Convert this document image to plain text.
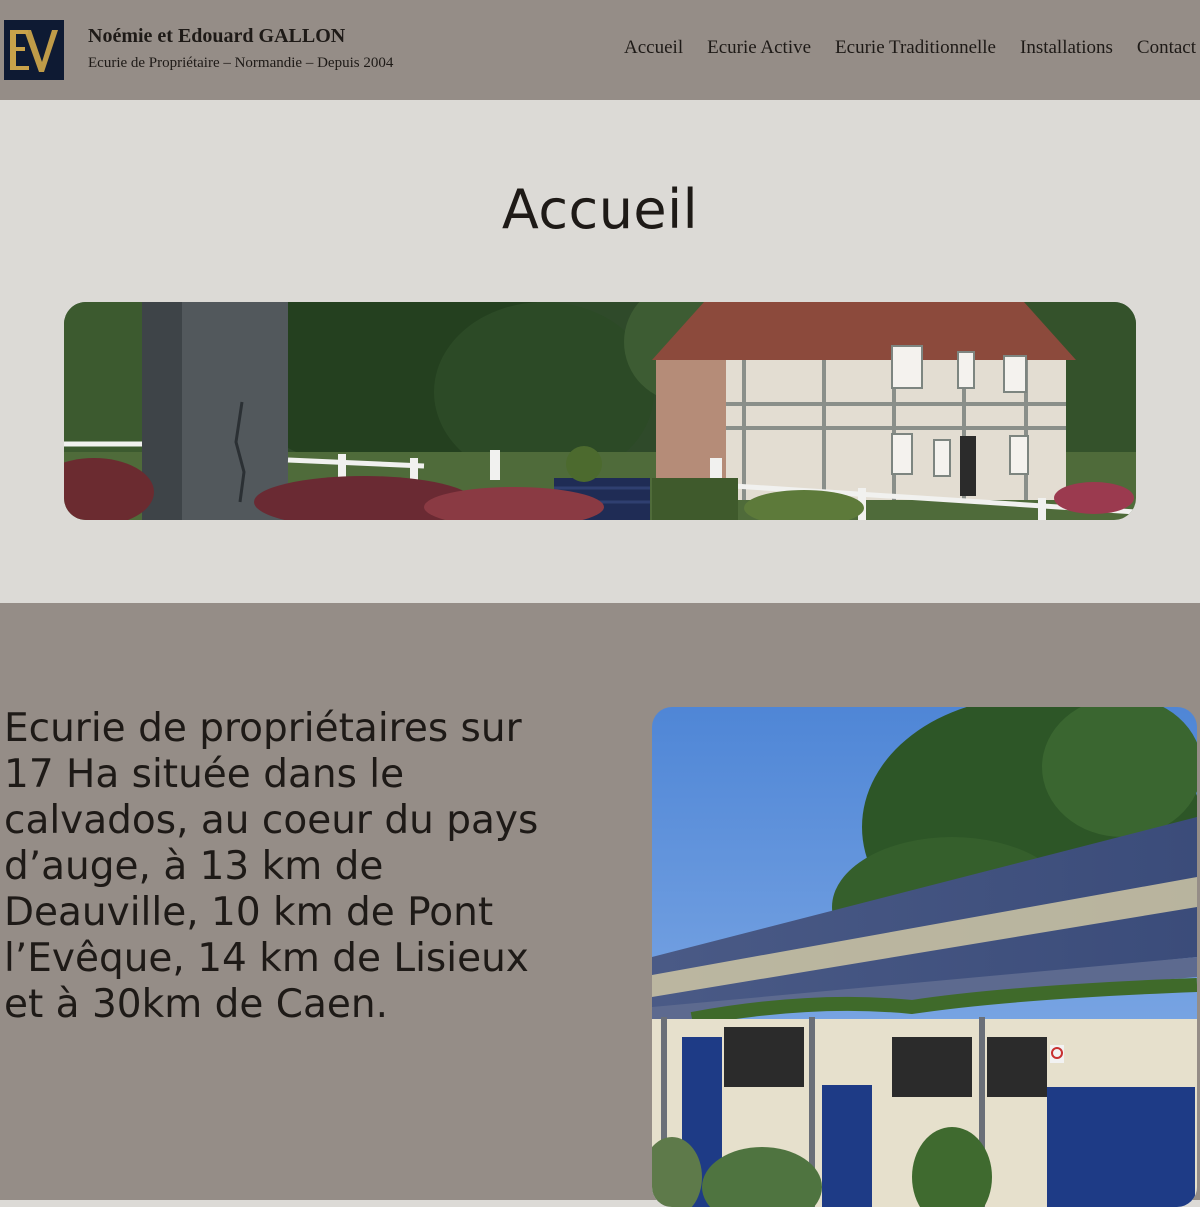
Noémie et Edouard GALLON
Ecurie de Propriétaire – Normandie – Depuis 2004
Accueil Ecurie Active Ecurie Traditionnelle Installations Contact
Accueil

Ecurie de propriétaires sur 17 Ha située dans le calvados, au coeur du pays d’auge, à 13 km de Deauville, 10 km de Pont l’Evêque, 14 km de Lisieux et à 30km de Caen.
